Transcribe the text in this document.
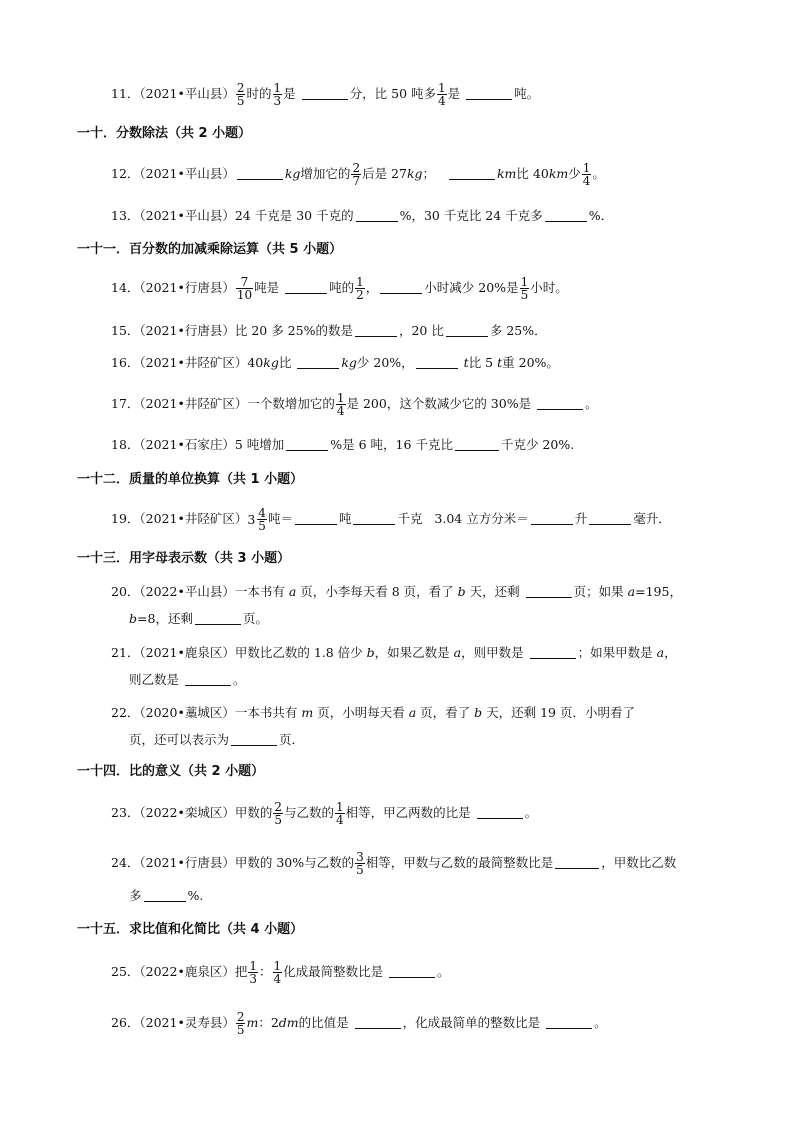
11．（2021•平山县） $\frac{2}{5}$ 时的 $\frac{1}{3}$ 是	分，比 50 吨多 $\frac{1}{4}$ 是	吨。
一十．分数除法（共 2 小题）
12．（2021•平山县）	kg增加它的 $\frac{2}{7}$ 后是 27kg；	km比 40km少 $\frac{1}{4}$ 。
13．（2021•平山县）24 千克是 30 千克的	%，30 千克比 24 千克多	%．
一十一．百分数的加减乘除运算（共 5 小题）
14．（2021•行唐县） $\frac{7}{10}$ 吨是	吨的 $\frac{1}{2}$ ，	小时减少 20%是 $\frac{1}{5}$ 小时。
15．（2021•行唐县）比 20 多 25%的数是	，20 比	多 25%．
16．（2021•井陉矿区）40kg比	kg少 20%，	t比 5 t重 20%。
17．（2021•井陉矿区）一个数增加它的 $\frac{1}{4}$ 是 200，这个数减少它的 30%是	。
18．（2021•石家庄）5 吨增加	%是 6 吨，16 千克比	千克少 20%.
一十二．质量的单位换算（共 1 小题）
19．（2021•井陉矿区） $3 \frac{4}{5}$ 吨＝	吨	千克 3.04 立方分米＝	升	毫升．
一十三．用字母表示数（共 3 小题）
20．（2022•平山县）一本书有 a 页，小李每天看 8 页，看了 b 天，还剩	页；如果 a=195，
b=8，还剩	页。
21．（2021•鹿泉区）甲数比乙数的 1.8 倍少 b，如果乙数是 a，则甲数是	；如果甲数是 a，
则乙数是	。
22．（2020•藁城区）一本书共有 m 页，小明每天看 a 页，看了 b 天，还剩 19 页．小明看了
页，还可以表示为	页．
一十四．比的意义（共 2 小题）
23．（2022•栾城区）甲数的 $\frac{2}{5}$ 与乙数的 $\frac{1}{4}$ 相等，甲乙两数的比是	。
24．（2021•行唐县）甲数的 30%与乙数的 $\frac{3}{5}$ 相等，甲数与乙数的最简整数比是	，甲数比乙数
多	%.
一十五．求比值和化简比（共 4 小题）
25．（2022•鹿泉区）把 $\frac{1}{3}$ ： $\frac{1}{4}$ 化成最简整数比是	。
26．（2021•灵寿县） $\frac{2}{5}$ m：2dm的比值是	，化成最简单的整数比是	。
